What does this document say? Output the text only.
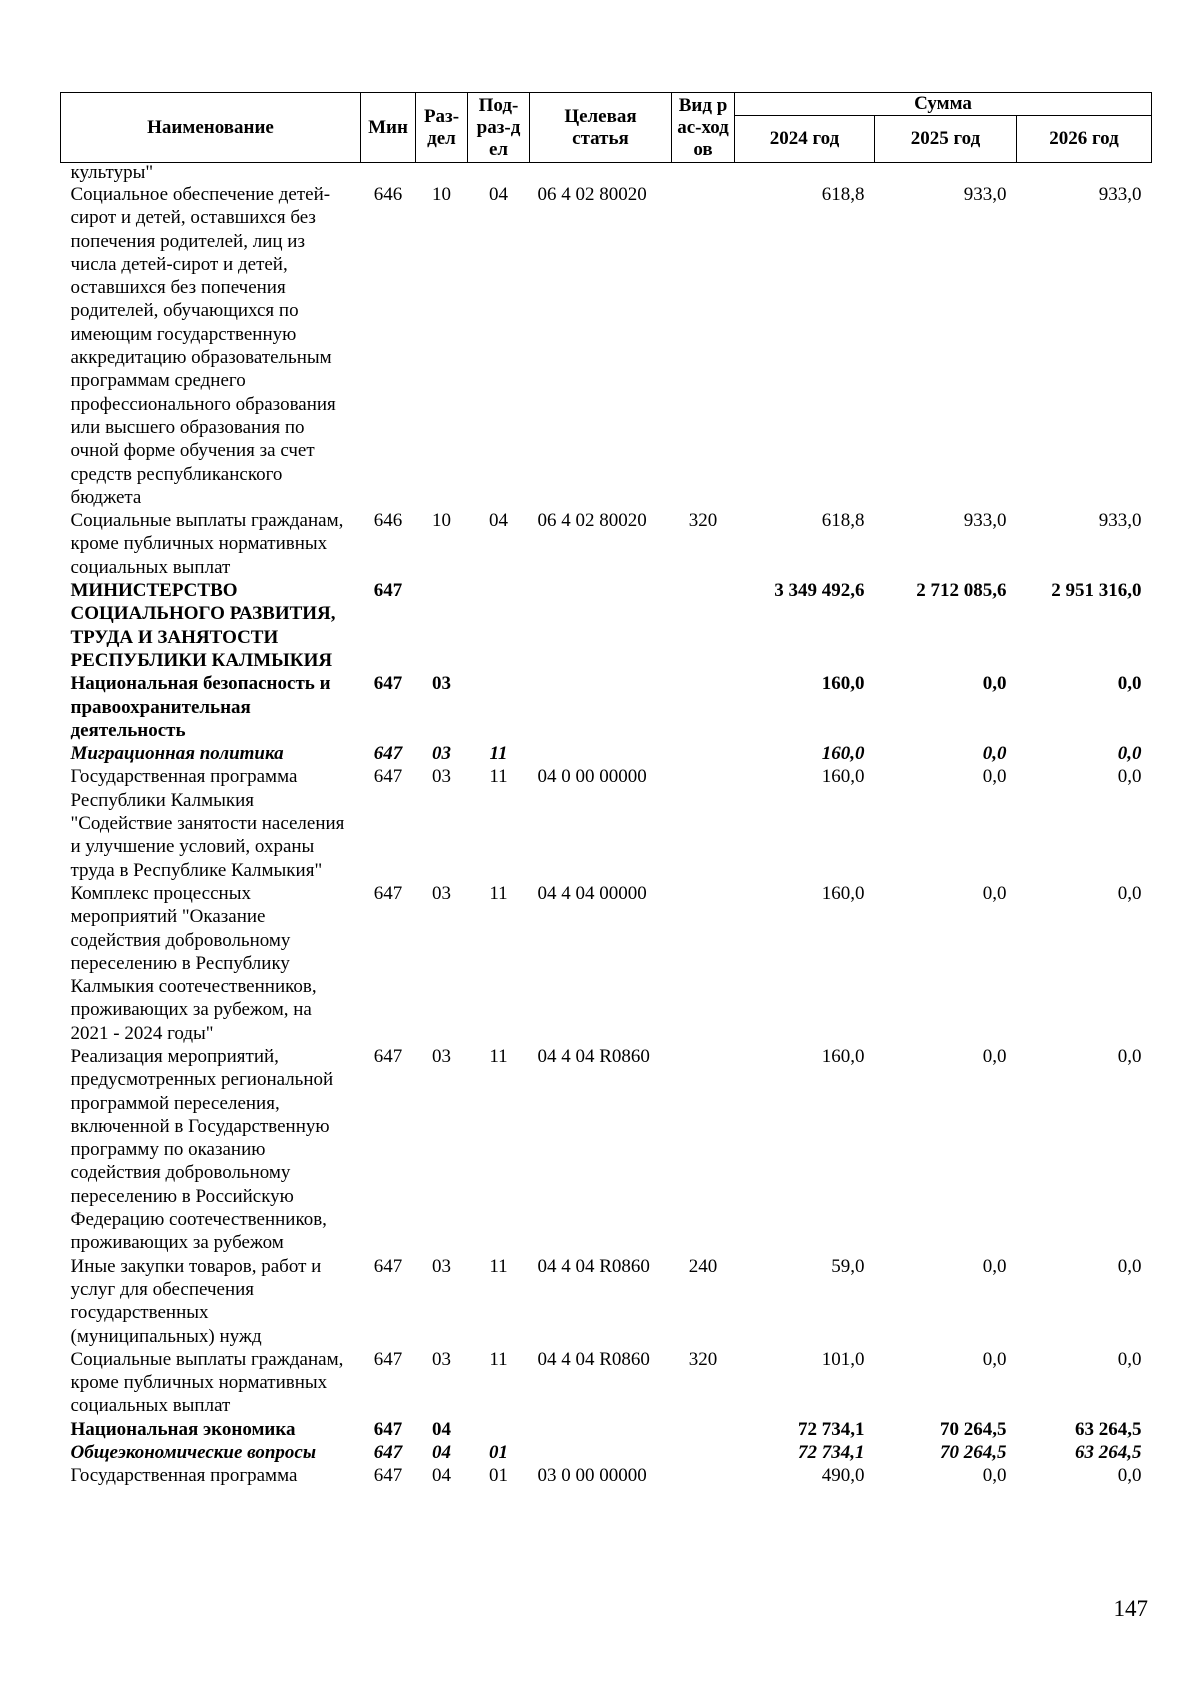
Наименование	Мин	Раз-дел	Под-раз-дел	Целевая статья	Вид рас-ходов	Сумма		
						2024 год	2025 год	2026 год
культуры"								
Социальное обеспечение детей-сирот и детей, оставшихся без попечения родителей, лиц из числа детей-сирот и детей, оставшихся без попечения родителей, обучающихся по имеющим государственную аккредитацию образовательным программам среднего профессионального образования или высшего образования по очной форме обучения за счет средств республиканского бюджета	646	10	04	06 4 02 80020		618,8	933,0	933,0
Социальные выплаты гражданам, кроме публичных нормативных социальных выплат	646	10	04	06 4 02 80020	320	618,8	933,0	933,0
МИНИСТЕРСТВО СОЦИАЛЬНОГО РАЗВИТИЯ, ТРУДА И ЗАНЯТОСТИ РЕСПУБЛИКИ КАЛМЫКИЯ	647					3 349 492,6	2 712 085,6	2 951 316,0
Национальная безопасность и правоохранительная деятельность	647	03				160,0	0,0	0,0
Миграционная политика	647	03	11			160,0	0,0	0,0
Государственная программа Республики Калмыкия "Содействие занятости населения и улучшение условий, охраны труда в Республике Калмыкия"	647	03	11	04 0 00 00000		160,0	0,0	0,0
Комплекс процессных мероприятий "Оказание содействия добровольному переселению в Республику Калмыкия соотечественников, проживающих за рубежом, на 2021 - 2024 годы"	647	03	11	04 4 04 00000		160,0	0,0	0,0
Реализация мероприятий, предусмотренных региональной программой переселения, включенной в Государственную программу по оказанию содействия добровольному переселению в Российскую Федерацию соотечественников, проживающих за рубежом	647	03	11	04 4 04 R0860		160,0	0,0	0,0
Иные закупки товаров, работ и услуг для обеспечения государственных (муниципальных) нужд	647	03	11	04 4 04 R0860	240	59,0	0,0	0,0
Социальные выплаты гражданам, кроме публичных нормативных социальных выплат	647	03	11	04 4 04 R0860	320	101,0	0,0	0,0
Национальная экономика	647	04				72 734,1	70 264,5	63 264,5
Общеэкономические вопросы	647	04	01			72 734,1	70 264,5	63 264,5
Государственная программа	647	04	01	03 0 00 00000		490,0	0,0	0,0
147
